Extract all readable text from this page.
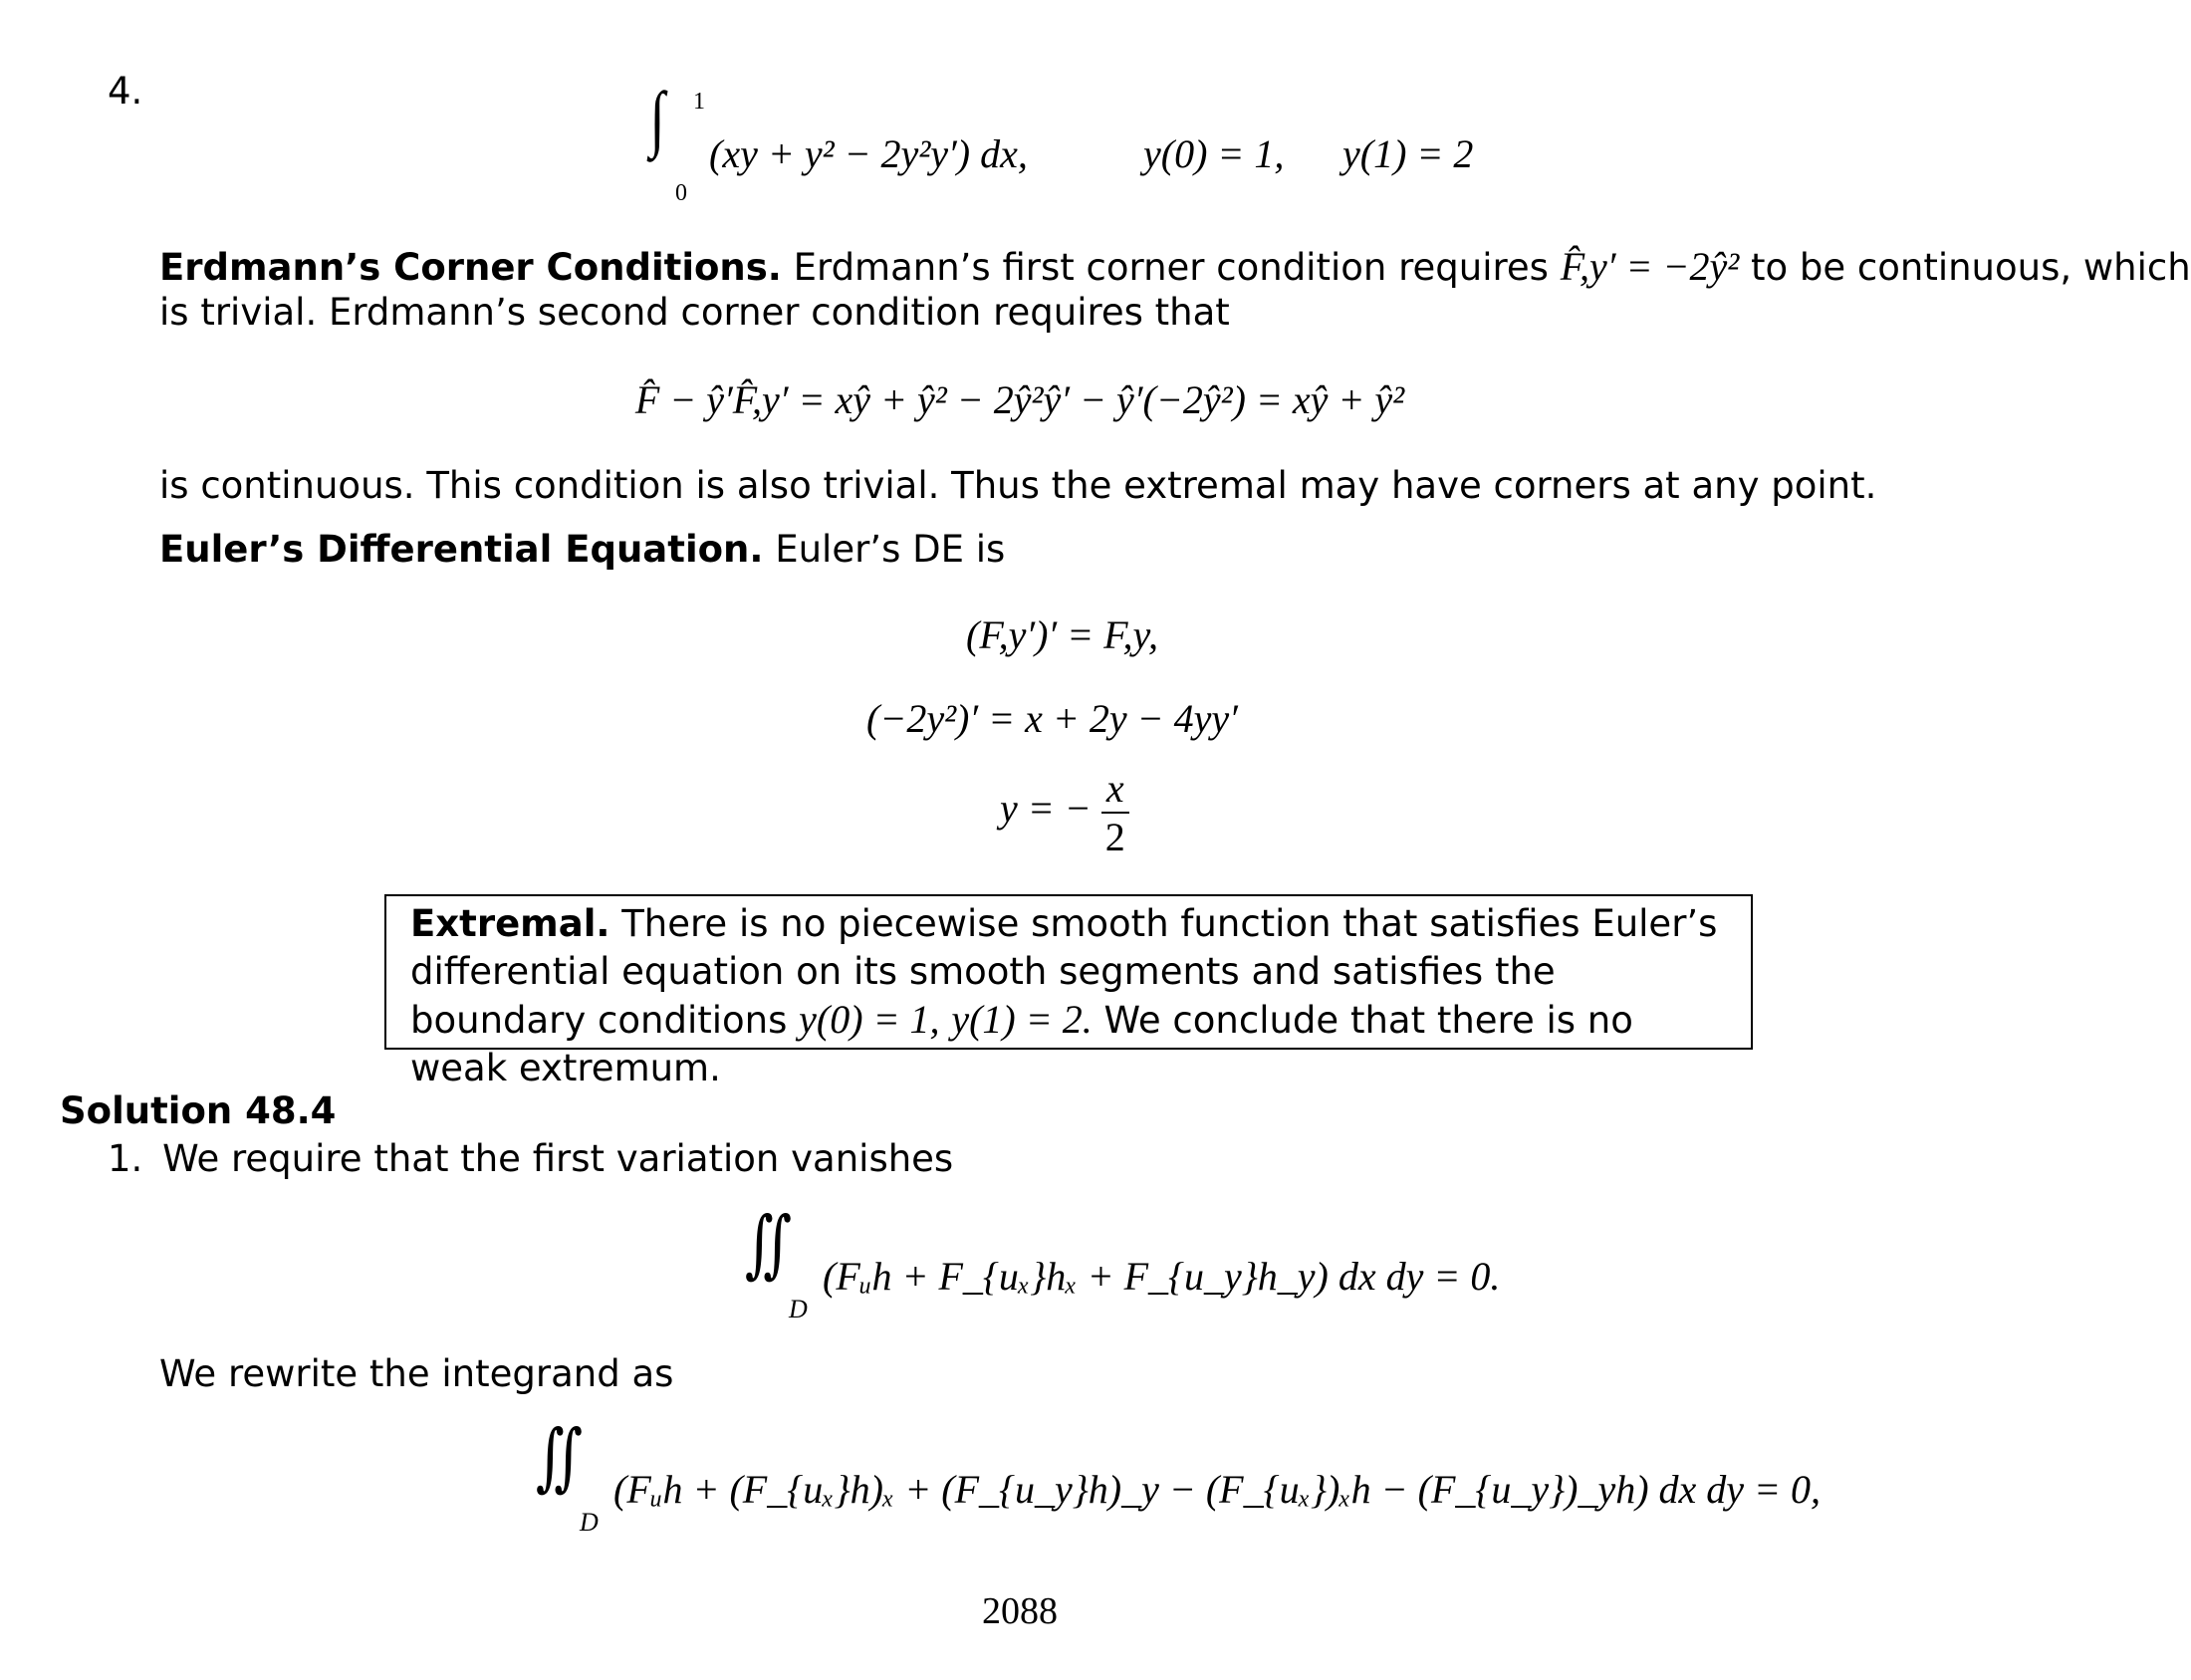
4.	∫ 1
0
(xy + y² − 2y²y′) dx,	y(0) = 1, y(1) = 2
Erdmann’s Corner Conditions. Erdmann’s first corner condition requires F̂,y′ = −2ŷ² to be continuous, which
is trivial. Erdmann’s second corner condition requires that
F̂ − ŷ′F̂,y′ = xŷ + ŷ² − 2ŷ²ŷ′ − ŷ′(−2ŷ²) = xŷ + ŷ²
is continuous. This condition is also trivial. Thus the extremal may have corners at any point.
Euler’s Differential Equation. Euler’s DE is
(F,y′)′ = F,y,
(−2y²)′ = x + 2y − 4yy′
y = − $\frac{x}{2}$
Extremal. There is no piecewise smooth function that satisfies Euler’s differential equation on its smooth segments and satisfies the boundary conditions y(0) = 1, y(1) = 2. We conclude that there is no weak extremum.
Solution 48.4
1. We require that the first variation vanishes
∬
D
(Fᵤh + F_{uₓ}hₓ + F_{u_y}h_y) dx dy = 0.
We rewrite the integrand as
∬
D
(Fᵤh + (F_{uₓ}h)ₓ + (F_{u_y}h)_y − (F_{uₓ})ₓh − (F_{u_y})_yh) dx dy = 0,
2088
